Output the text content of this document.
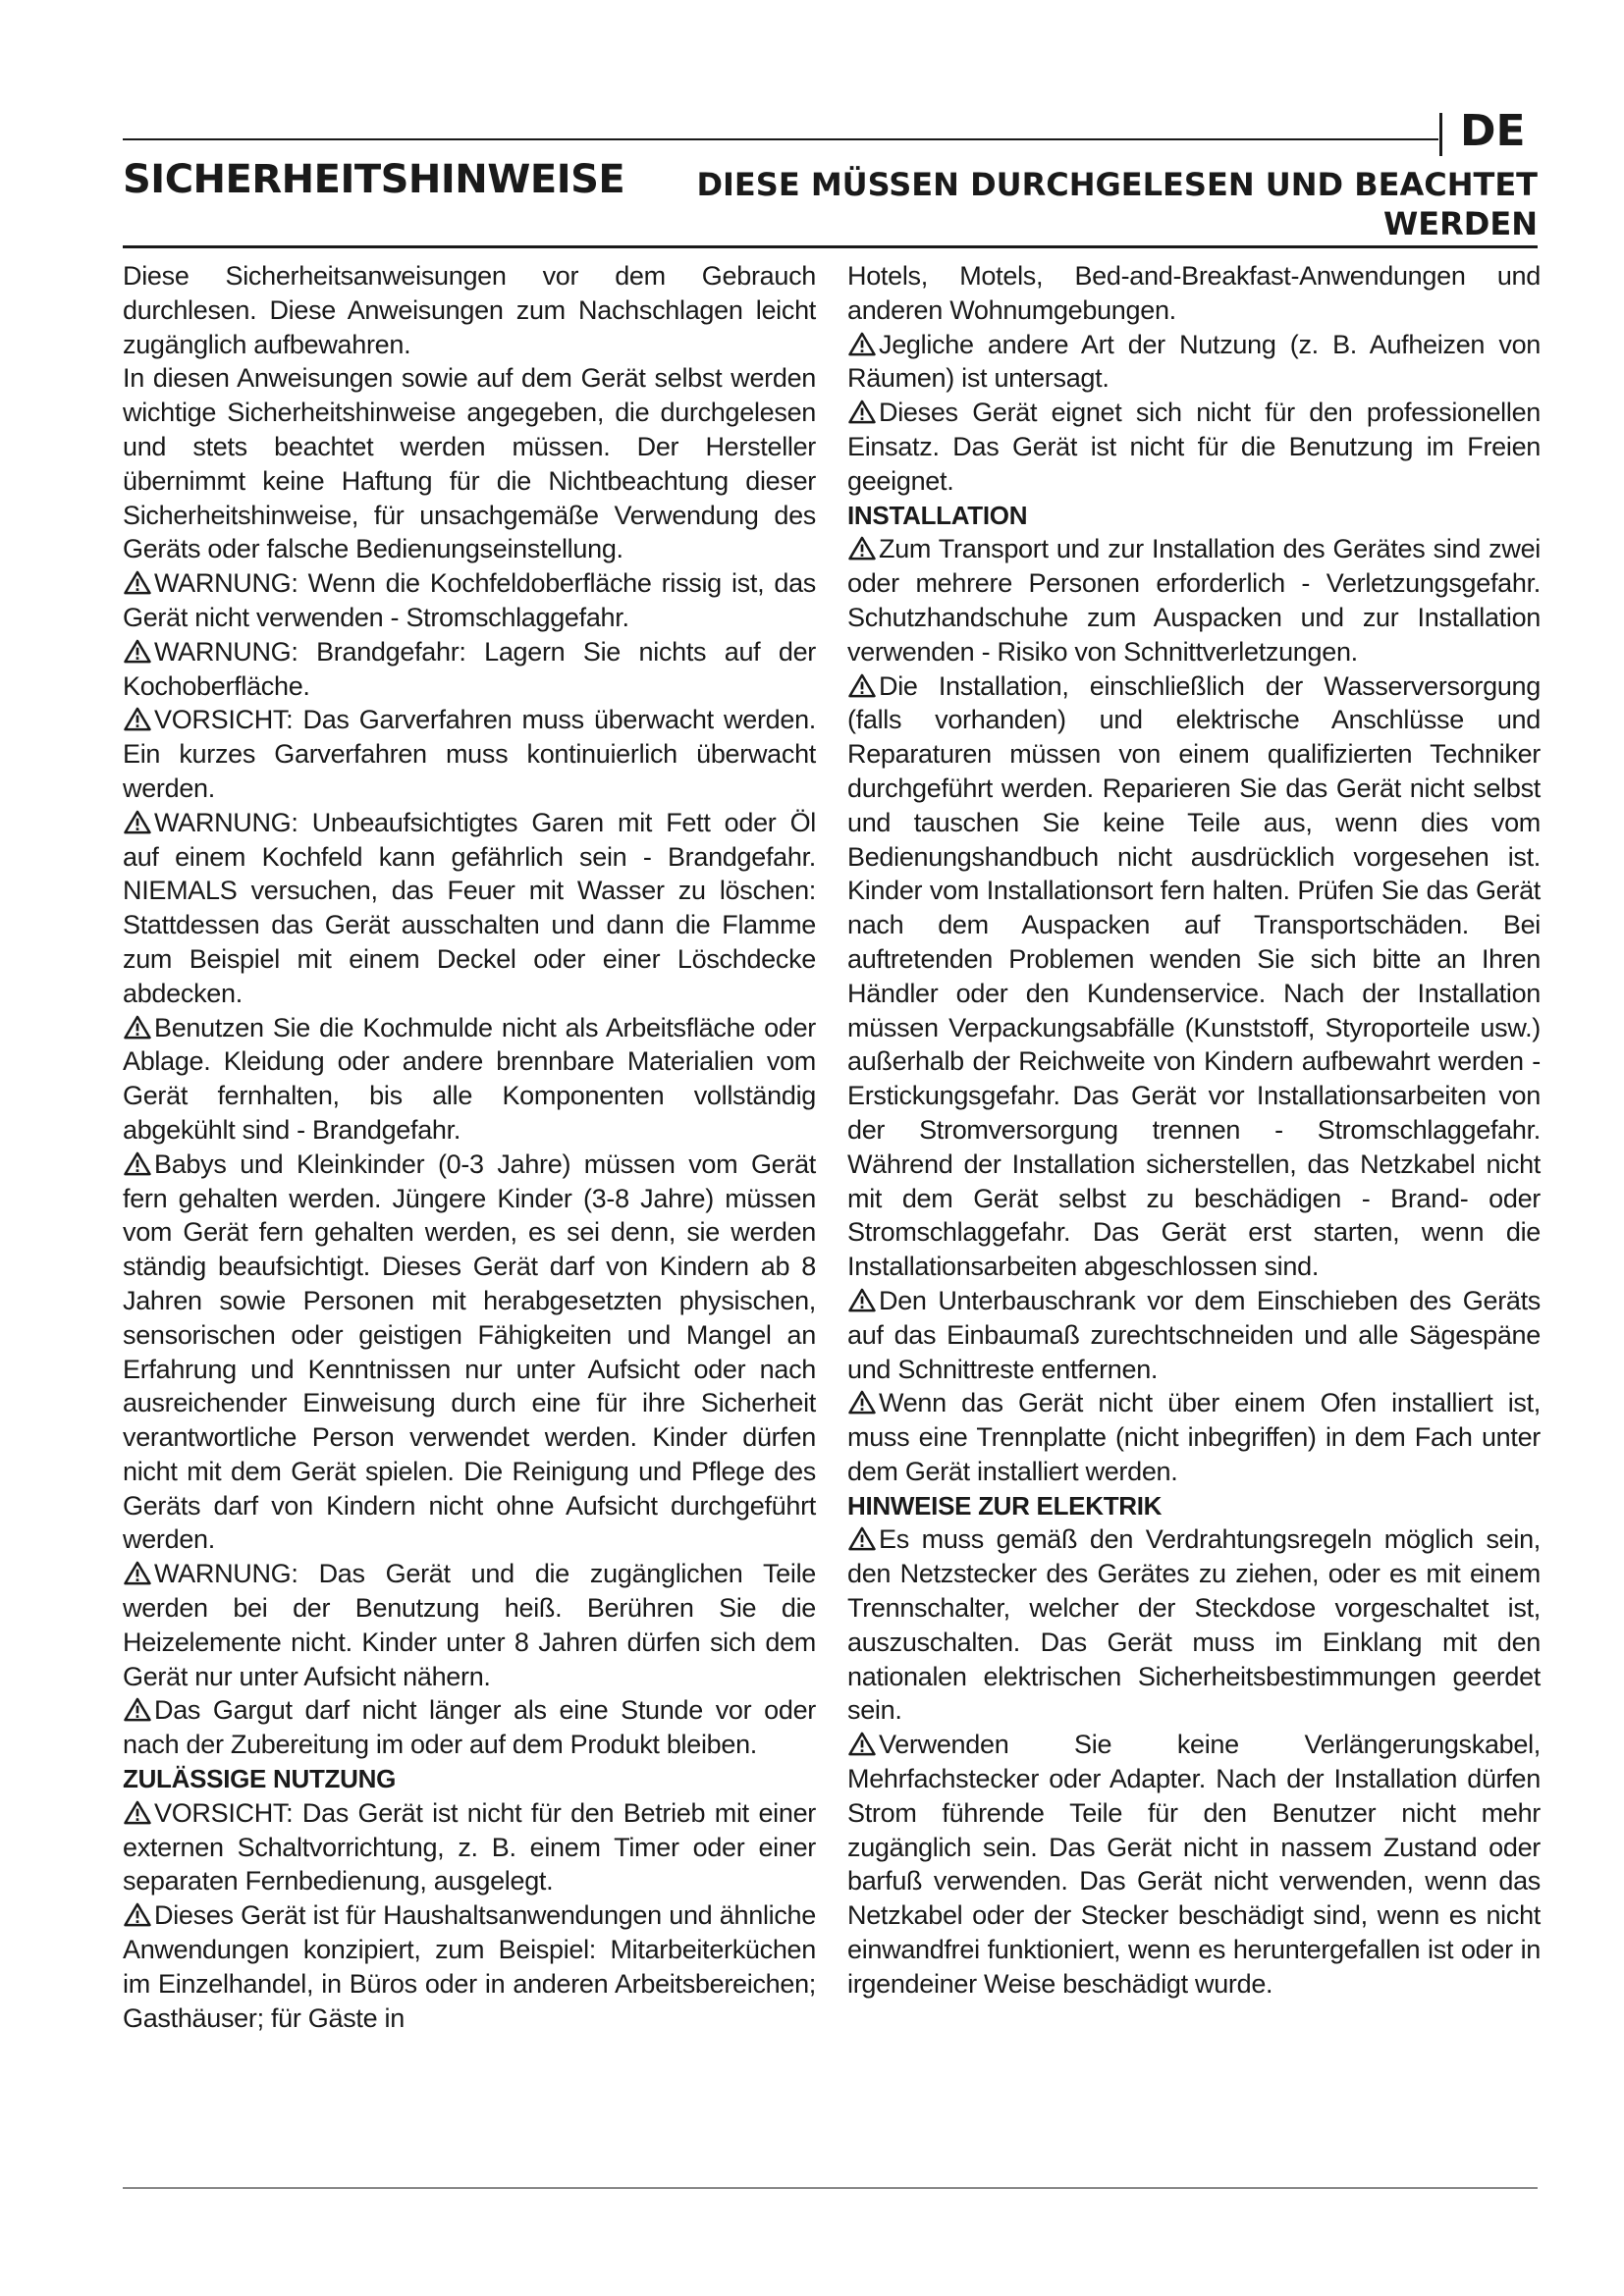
DE
SICHERHEITSHINWEISE	DIESE MÜSSEN DURCHGELESEN UND BEACHTET WERDEN

Diese Sicherheitsanweisungen vor dem Gebrauch durchlesen. Diese Anweisungen zum Nachschlagen leicht zugänglich aufbewahren.

In diesen Anweisungen sowie auf dem Gerät selbst werden wichtige Sicherheitshinweise angegeben, die durchgelesen und stets beachtet werden müssen. Der Hersteller übernimmt keine Haftung für die Nichtbeachtung dieser Sicherheitshinweise, für unsachgemäße Verwendung des Geräts oder falsche Bedienungseinstellung.

WARNUNG: Wenn die Kochfeldoberfläche rissig ist, das Gerät nicht verwenden - Stromschlaggefahr.

WARNUNG: Brandgefahr: Lagern Sie nichts auf der Kochoberfläche.

VORSICHT: Das Garverfahren muss überwacht werden. Ein kurzes Garverfahren muss kontinuierlich überwacht werden.

WARNUNG: Unbeaufsichtigtes Garen mit Fett oder Öl auf einem Kochfeld kann gefährlich sein - Brandgefahr. NIEMALS versuchen, das Feuer mit Wasser zu löschen: Stattdessen das Gerät ausschalten und dann die Flamme zum Beispiel mit einem Deckel oder einer Löschdecke abdecken.

Benutzen Sie die Kochmulde nicht als Arbeitsfläche oder Ablage. Kleidung oder andere brennbare Materialien vom Gerät fernhalten, bis alle Komponenten vollständig abgekühlt sind - Brandgefahr.

Babys und Kleinkinder (0-3 Jahre) müssen vom Gerät fern gehalten werden. Jüngere Kinder (3-8 Jahre) müssen vom Gerät fern gehalten werden, es sei denn, sie werden ständig beaufsichtigt. Dieses Gerät darf von Kindern ab 8 Jahren sowie Personen mit herabgesetzten physischen, sensorischen oder geistigen Fähigkeiten und Mangel an Erfahrung und Kenntnissen nur unter Aufsicht oder nach ausreichender Einweisung durch eine für ihre Sicherheit verantwortliche Person verwendet werden. Kinder dürfen nicht mit dem Gerät spielen. Die Reinigung und Pflege des Geräts darf von Kindern nicht ohne Aufsicht durchgeführt werden.

WARNUNG: Das Gerät und die zugänglichen Teile werden bei der Benutzung heiß. Berühren Sie die Heizelemente nicht. Kinder unter 8 Jahren dürfen sich dem Gerät nur unter Aufsicht nähern.

Das Gargut darf nicht länger als eine Stunde vor oder nach der Zubereitung im oder auf dem Produkt bleiben.

ZULÄSSIGE NUTZUNG

VORSICHT: Das Gerät ist nicht für den Betrieb mit einer externen Schaltvorrichtung, z. B. einem Timer oder einer separaten Fernbedienung, ausgelegt.

Dieses Gerät ist für Haushaltsanwendungen und ähnliche Anwendungen konzipiert, zum Beispiel: Mitarbeiterküchen im Einzelhandel, in Büros oder in anderen Arbeitsbereichen; Gasthäuser; für Gäste in

Hotels, Motels, Bed-and-Breakfast-Anwendungen und anderen Wohnumgebungen.

Jegliche andere Art der Nutzung (z. B. Aufheizen von Räumen) ist untersagt.

Dieses Gerät eignet sich nicht für den professionellen Einsatz. Das Gerät ist nicht für die Benutzung im Freien geeignet.

INSTALLATION

Zum Transport und zur Installation des Gerätes sind zwei oder mehrere Personen erforderlich - Verletzungsgefahr. Schutzhandschuhe zum Auspacken und zur Installation verwenden - Risiko von Schnittverletzungen.

Die Installation, einschließlich der Wasserversorgung (falls vorhanden) und elektrische Anschlüsse und Reparaturen müssen von einem qualifizierten Techniker durchgeführt werden. Reparieren Sie das Gerät nicht selbst und tauschen Sie keine Teile aus, wenn dies vom Bedienungshandbuch nicht ausdrücklich vorgesehen ist. Kinder vom Installationsort fern halten. Prüfen Sie das Gerät nach dem Auspacken auf Transportschäden. Bei auftretenden Problemen wenden Sie sich bitte an Ihren Händler oder den Kundenservice. Nach der Installation müssen Verpackungsabfälle (Kunststoff, Styroporteile usw.) außerhalb der Reichweite von Kindern aufbewahrt werden - Erstickungsgefahr. Das Gerät vor Installationsarbeiten von der Stromversorgung trennen - Stromschlaggefahr. Während der Installation sicherstellen, das Netzkabel nicht mit dem Gerät selbst zu beschädigen - Brand- oder Stromschlaggefahr. Das Gerät erst starten, wenn die Installationsarbeiten abgeschlossen sind.

Den Unterbauschrank vor dem Einschieben des Geräts auf das Einbaumaß zurechtschneiden und alle Sägespäne und Schnittreste entfernen.

Wenn das Gerät nicht über einem Ofen installiert ist, muss eine Trennplatte (nicht inbegriffen) in dem Fach unter dem Gerät installiert werden.

HINWEISE ZUR ELEKTRIK

Es muss gemäß den Verdrahtungsregeln möglich sein, den Netzstecker des Gerätes zu ziehen, oder es mit einem Trennschalter, welcher der Steckdose vorgeschaltet ist, auszuschalten. Das Gerät muss im Einklang mit den nationalen elektrischen Sicherheitsbestimmungen geerdet sein.

Verwenden Sie keine Verlängerungskabel, Mehrfachstecker oder Adapter. Nach der Installation dürfen Strom führende Teile für den Benutzer nicht mehr zugänglich sein. Das Gerät nicht in nassem Zustand oder barfuß verwenden. Das Gerät nicht verwenden, wenn das Netzkabel oder der Stecker beschädigt sind, wenn es nicht einwandfrei funktioniert, wenn es heruntergefallen ist oder in irgendeiner Weise beschädigt wurde.
